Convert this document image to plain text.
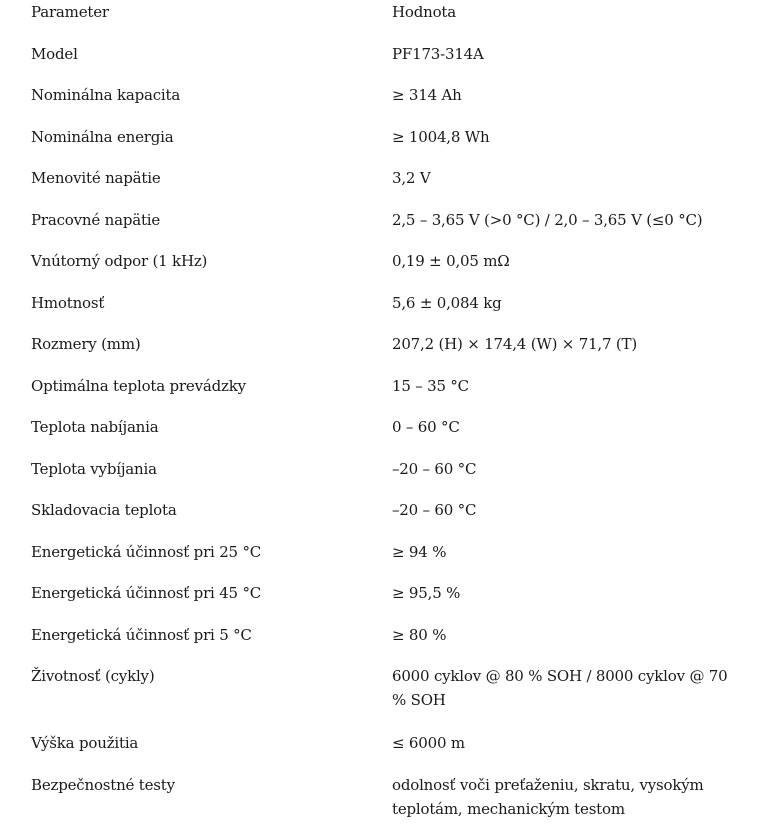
Parameter	Hodnota
Model	PF173-314A
Nominálna kapacita	≥ 314 Ah
Nominálna energia	≥ 1004,8 Wh
Menovité napätie	3,2 V
Pracovné napätie	2,5 – 3,65 V (>0 °C) / 2,0 – 3,65 V (≤0 °C)
Vnútorný odpor (1 kHz)	0,19 ± 0,05 mΩ
Hmotnosť	5,6 ± 0,084 kg
Rozmery (mm)	207,2 (H) × 174,4 (W) × 71,7 (T)
Optimálna teplota prevádzky	15 – 35 °C
Teplota nabíjania	0 – 60 °C
Teplota vybíjania	–20 – 60 °C
Skladovacia teplota	–20 – 60 °C
Energetická účinnosť pri 25 °C	≥ 94 %
Energetická účinnosť pri 45 °C	≥ 95,5 %
Energetická účinnosť pri 5 °C	≥ 80 %
Životnosť (cykly)	6000 cyklov @ 80 % SOH / 8000 cyklov @ 70 % SOH
Výška použitia	≤ 6000 m
Bezpečnostné testy	odolnosť voči preťaženiu, skratu, vysokým teplotám, mechanickým testom
